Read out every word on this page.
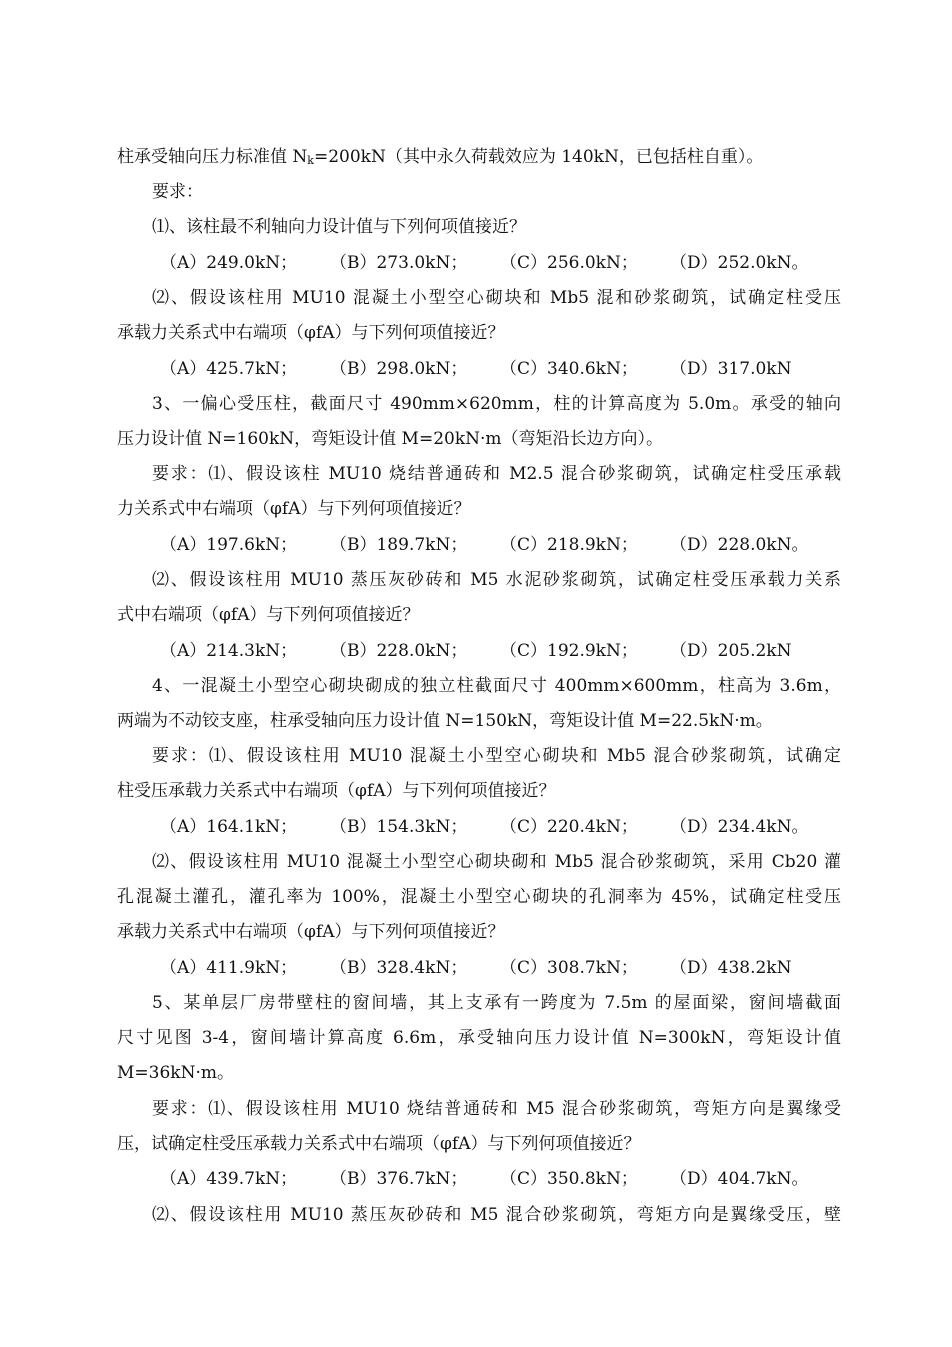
柱承受轴向压力标准值 $N_k=200kN$（其中永久荷载效应为 140kN，已包括柱自重）。
要求：
⑴、该柱最不利轴向力设计值与下列何项值接近？
（A）249.0kN； （B）273.0kN； （C）256.0kN； （D）252.0kN。
⑵、假设该柱用 MU10 混凝土小型空心砌块和 Mb5 混和砂浆砌筑，试确定柱受压
承载力关系式中右端项（φfA）与下列何项值接近？
（A）425.7kN； （B）298.0kN； （C）340.6kN； （D）317.0kN
3、一偏心受压柱，截面尺寸 490mm×620mm，柱的计算高度为 5.0m。承受的轴向
压力设计值 N=160kN，弯矩设计值 M=20kN·m（弯矩沿长边方向）。
要求：⑴、假设该柱 MU10 烧结普通砖和 M2.5 混合砂浆砌筑，试确定柱受压承载
力关系式中右端项（φfA）与下列何项值接近？
（A）197.6kN； （B）189.7kN； （C）218.9kN； （D）228.0kN。
⑵、假设该柱用 MU10 蒸压灰砂砖和 M5 水泥砂浆砌筑，试确定柱受压承载力关系
式中右端项（φfA）与下列何项值接近？
（A）214.3kN； （B）228.0kN； （C）192.9kN； （D）205.2kN
4、一混凝土小型空心砌块砌成的独立柱截面尺寸 400mm×600mm，柱高为 3.6m，
两端为不动铰支座，柱承受轴向压力设计值 N=150kN，弯矩设计值 M=22.5kN·m。
要求：⑴、假设该柱用 MU10 混凝土小型空心砌块和 Mb5 混合砂浆砌筑，试确定
柱受压承载力关系式中右端项（φfA）与下列何项值接近？
（A）164.1kN； （B）154.3kN； （C）220.4kN； （D）234.4kN。
⑵、假设该柱用 MU10 混凝土小型空心砌块砌和 Mb5 混合砂浆砌筑，采用 Cb20 灌
孔混凝土灌孔，灌孔率为 100%，混凝土小型空心砌块的孔洞率为 45%，试确定柱受压
承载力关系式中右端项（φfA）与下列何项值接近？
（A）411.9kN； （B）328.4kN； （C）308.7kN； （D）438.2kN
5、某单层厂房带壁柱的窗间墙，其上支承有一跨度为 7.5m 的屋面梁，窗间墙截面
尺寸见图 3-4，窗间墙计算高度 6.6m，承受轴向压力设计值 N=300kN，弯矩设计值
M=36kN·m。
要求：⑴、假设该柱用 MU10 烧结普通砖和 M5 混合砂浆砌筑，弯矩方向是翼缘受
压，试确定柱受压承载力关系式中右端项（φfA）与下列何项值接近？
（A）439.7kN； （B）376.7kN； （C）350.8kN； （D）404.7kN。
⑵、假设该柱用 MU10 蒸压灰砂砖和 M5 混合砂浆砌筑，弯矩方向是翼缘受压，壁
